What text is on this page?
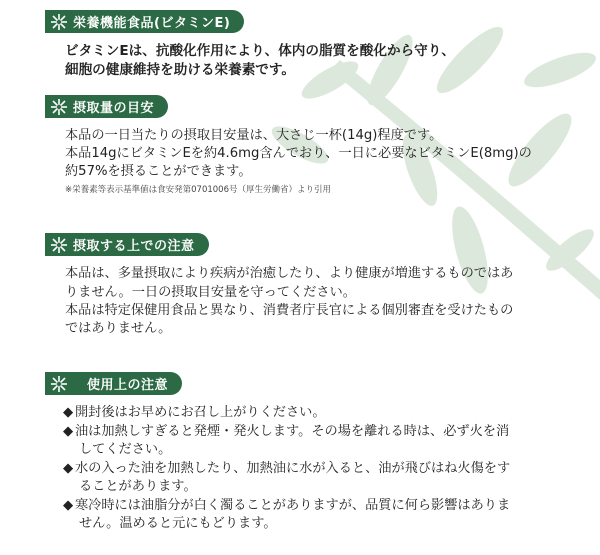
栄養機能食品(ビタミンE)

ビタミンEは、抗酸化作用により、体内の脂質を酸化から守り、

細胞の健康維持を助ける栄養素です。

摂取量の目安

本品の一日当たりの摂取目安量は、大さじ一杯(14g)程度です。

本品14gにビタミンEを約4.6mg含んでおり、一日に必要なビタミンE(8mg)の

約57%を摂ることができます。

※栄養素等表示基準値は食安発第0701006号（厚生労働省）より引用
摂取する上での注意

本品は、多量摂取により疾病が治癒したり、より健康が増進するものではあ

りません。一日の摂取目安量を守ってください。

本品は特定保健用食品と異なり、消費者庁長官による個別審査を受けたもの

ではありません。

使用上の注意
◆ 開封後はお早めにお召し上がりください。
◆ 油は加熱しすぎると発煙・発火します。その場を離れる時は、必ず火を消
してください。
◆ 水の入った油を加熱したり、加熱油に水が入ると、油が飛びはね火傷をす
ることがあります。
◆ 寒冷時には油脂分が白く濁ることがありますが、品質に何ら影響はありま
せん。温めると元にもどります。
